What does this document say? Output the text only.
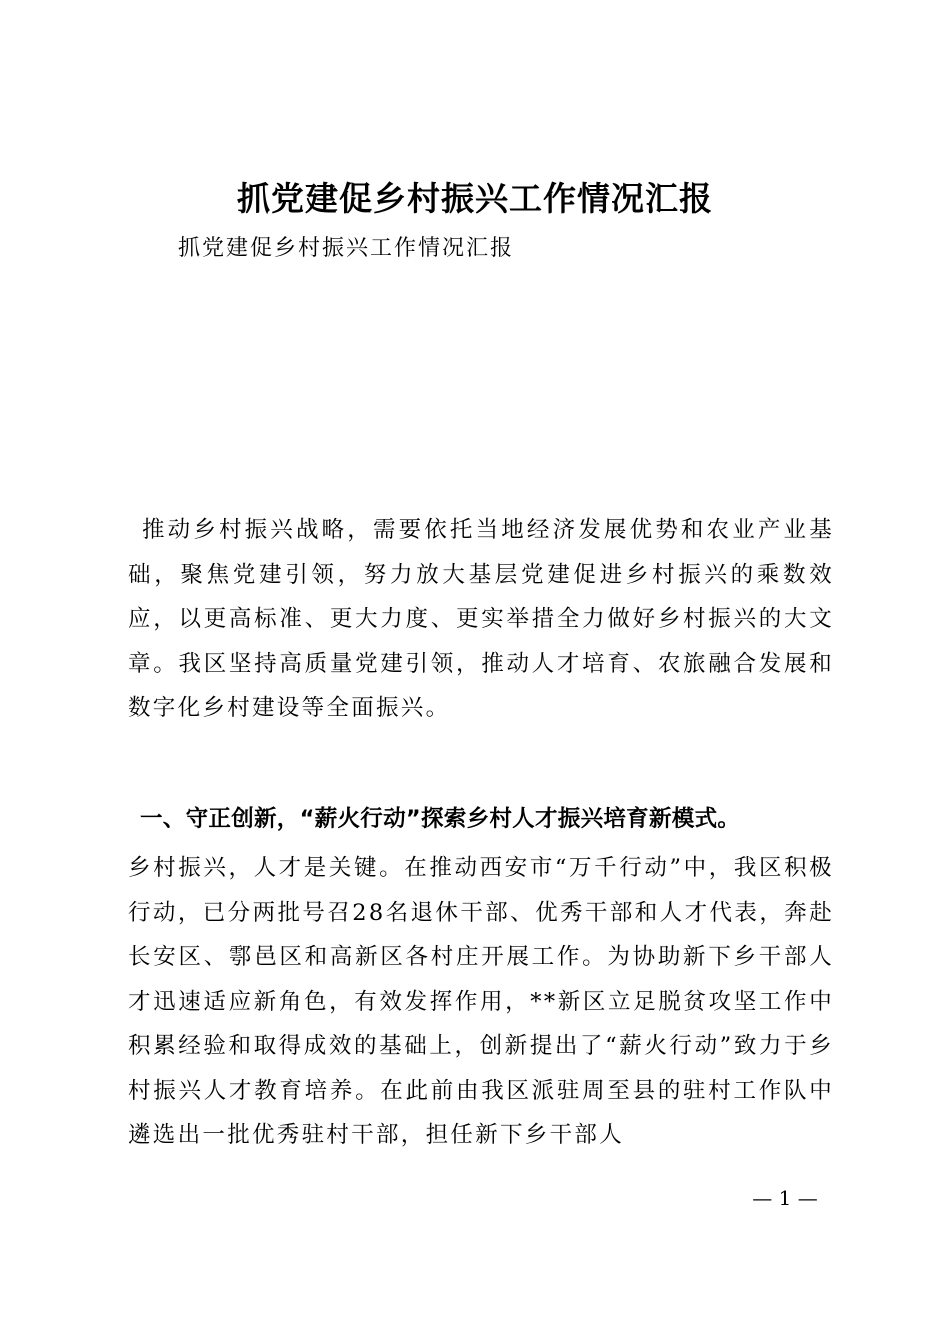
抓党建促乡村振兴工作情况汇报

抓党建促乡村振兴工作情况汇报

推动乡村振兴战略，需要依托当地经济发展优势和农业产业基础，聚焦党建引领，努力放大基层党建促进乡村振兴的乘数效应，以更高标准、更大力度、更实举措全力做好乡村振兴的大文章。我区坚持高质量党建引领，推动人才培育、农旅融合发展和数字化乡村建设等全面振兴。

一、守正创新，“薪火行动”探索乡村人才振兴培育新模式。

乡村振兴，人才是关键。在推动西安市“万千行动”中，我区积极行动，已分两批号召28名退休干部、优秀干部和人才代表，奔赴长安区、鄠邑区和高新区各村庄开展工作。为协助新下乡干部人才迅速适应新角色，有效发挥作用，**新区立足脱贫攻坚工作中积累经验和取得成效的基础上，创新提出了“薪火行动”致力于乡村振兴人才教育培养。在此前由我区派驻周至县的驻村工作队中遴选出一批优秀驻村干部，担任新下乡干部人

— 1 —
